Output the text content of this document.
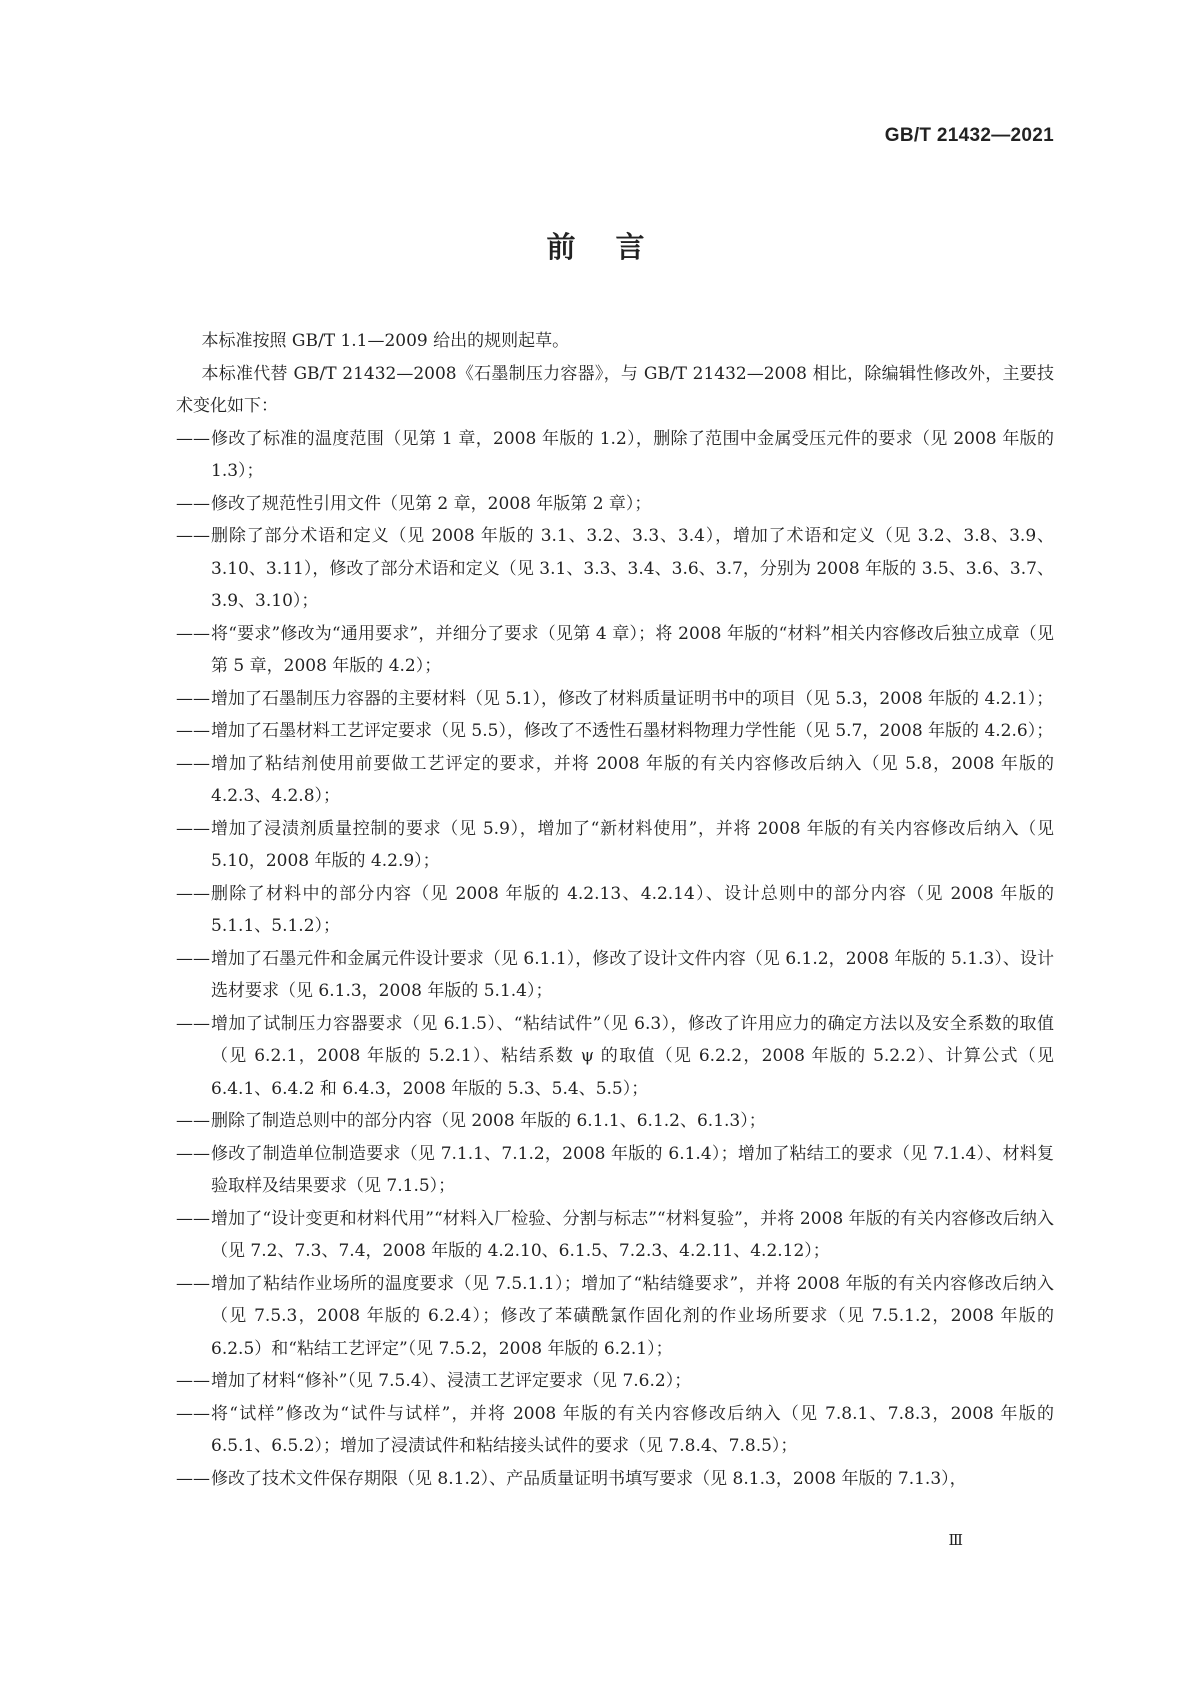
GB/T 21432—2021
前言

本标准按照 GB/T 1.1—2009 给出的规则起草。

本标准代替 GB/T 21432—2008《石墨制压力容器》，与 GB/T 21432—2008 相比，除编辑性修改外，主要技术变化如下：

—— 修改了标准的温度范围（见第 1 章，2008 年版的 1.2），删除了范围中金属受压元件的要求（见 2008 年版的 1.3）；
—— 修改了规范性引用文件（见第 2 章，2008 年版第 2 章）；
—— 删除了部分术语和定义（见 2008 年版的 3.1、3.2、3.3、3.4），增加了术语和定义（见 3.2、3.8、3.9、3.10、3.11），修改了部分术语和定义（见 3.1、3.3、3.4、3.6、3.7，分别为 2008 年版的 3.5、3.6、3.7、3.9、3.10）；
—— 将“要求”修改为“通用要求”，并细分了要求（见第 4 章）；将 2008 年版的“材料”相关内容修改后独立成章（见第 5 章，2008 年版的 4.2）；
—— 增加了石墨制压力容器的主要材料（见 5.1），修改了材料质量证明书中的项目（见 5.3，2008 年版的 4.2.1）；
—— 增加了石墨材料工艺评定要求（见 5.5），修改了不透性石墨材料物理力学性能（见 5.7，2008 年版的 4.2.6）；
—— 增加了粘结剂使用前要做工艺评定的要求，并将 2008 年版的有关内容修改后纳入（见 5.8，2008 年版的 4.2.3、4.2.8）；
—— 增加了浸渍剂质量控制的要求（见 5.9），增加了“新材料使用”，并将 2008 年版的有关内容修改后纳入（见 5.10，2008 年版的 4.2.9）；
—— 删除了材料中的部分内容（见 2008 年版的 4.2.13、4.2.14）、设计总则中的部分内容（见 2008 年版的 5.1.1、5.1.2）；
—— 增加了石墨元件和金属元件设计要求（见 6.1.1），修改了设计文件内容（见 6.1.2，2008 年版的 5.1.3）、设计选材要求（见 6.1.3，2008 年版的 5.1.4）；
—— 增加了试制压力容器要求（见 6.1.5）、“粘结试件”（见 6.3），修改了许用应力的确定方法以及安全系数的取值（见 6.2.1，2008 年版的 5.2.1）、粘结系数 ψ 的取值（见 6.2.2，2008 年版的 5.2.2）、计算公式（见 6.4.1、6.4.2 和 6.4.3，2008 年版的 5.3、5.4、5.5）；
—— 删除了制造总则中的部分内容（见 2008 年版的 6.1.1、6.1.2、6.1.3）；
—— 修改了制造单位制造要求（见 7.1.1、7.1.2，2008 年版的 6.1.4）；增加了粘结工的要求（见 7.1.4）、材料复验取样及结果要求（见 7.1.5）；
—— 增加了“设计变更和材料代用”“材料入厂检验、分割与标志”“材料复验”，并将 2008 年版的有关内容修改后纳入（见 7.2、7.3、7.4，2008 年版的 4.2.10、6.1.5、7.2.3、4.2.11、4.2.12）；
—— 增加了粘结作业场所的温度要求（见 7.5.1.1）；增加了“粘结缝要求”，并将 2008 年版的有关内容修改后纳入（见 7.5.3，2008 年版的 6.2.4）；修改了苯磺酰氯作固化剂的作业场所要求（见 7.5.1.2，2008 年版的 6.2.5）和“粘结工艺评定”（见 7.5.2，2008 年版的 6.2.1）；
—— 增加了材料“修补”（见 7.5.4）、浸渍工艺评定要求（见 7.6.2）；
—— 将“试样”修改为“试件与试样”，并将 2008 年版的有关内容修改后纳入（见 7.8.1、7.8.3，2008 年版的 6.5.1、6.5.2）；增加了浸渍试件和粘结接头试件的要求（见 7.8.4、7.8.5）；
—— 修改了技术文件保存期限（见 8.1.2）、产品质量证明书填写要求（见 8.1.3，2008 年版的 7.1.3），
Ⅲ
